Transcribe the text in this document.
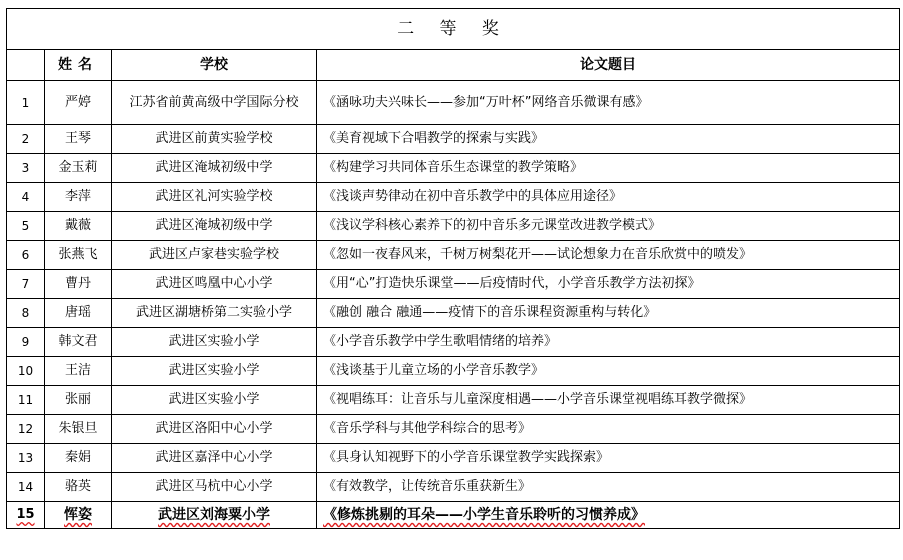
二 等 奖			
	姓名	学校	论文题目
1	严婷	江苏省前黄高级中学国际分校	《涵咏功夫兴味长——参加“万叶杯”网络音乐微课有感》
2	王琴	武进区前黄实验学校	《美育视域下合唱教学的探索与实践》
3	金玉莉	武进区淹城初级中学	《构建学习共同体音乐生态课堂的教学策略》
4	李萍	武进区礼河实验学校	《浅谈声势律动在初中音乐教学中的具体应用途径》
5	戴薇	武进区淹城初级中学	《浅议学科核心素养下的初中音乐多元课堂改进教学模式》
6	张燕飞	武进区卢家巷实验学校	《忽如一夜春风来，千树万树梨花开——试论想象力在音乐欣赏中的喷发》
7	曹丹	武进区鸣凰中心小学	《用“心”打造快乐课堂——后疫情时代，小学音乐教学方法初探》
8	唐瑶	武进区湖塘桥第二实验小学	《融创 融合 融通——疫情下的音乐课程资源重构与转化》
9	韩文君	武进区实验小学	《小学音乐教学中学生歌唱情绪的培养》
10	王洁	武进区实验小学	《浅谈基于儿童立场的小学音乐教学》
11	张丽	武进区实验小学	《视唱练耳：让音乐与儿童深度相遇——小学音乐课堂视唱练耳教学微探》
12	朱银旦	武进区洛阳中心小学	《音乐学科与其他学科综合的思考》
13	秦娟	武进区嘉泽中心小学	《具身认知视野下的小学音乐课堂教学实践探索》
14	骆英	武进区马杭中心小学	《有效教学，让传统音乐重获新生》
15	恽姿	武进区刘海粟小学	《修炼挑剔的耳朵——小学生音乐聆听的习惯养成》
